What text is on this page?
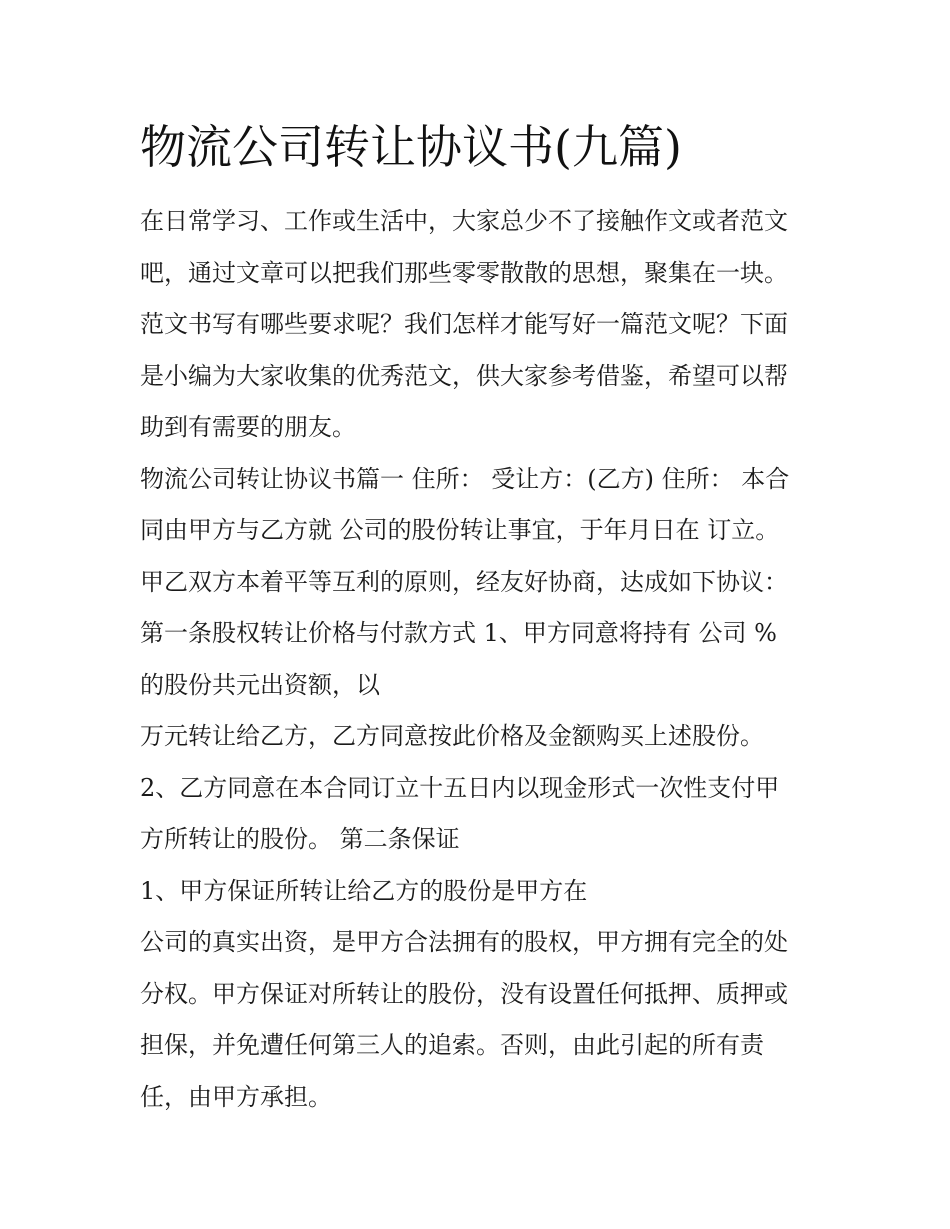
物流公司转让协议书(九篇)

在日常学习、工作或生活中，大家总少不了接触作文或者范文

吧，通过文章可以把我们那些零零散散的思想，聚集在一块。

范文书写有哪些要求呢？我们怎样才能写好一篇范文呢？下面

是小编为大家收集的优秀范文，供大家参考借鉴，希望可以帮

助到有需要的朋友。

物流公司转让协议书篇一 住所： 受让方：(乙方) 住所： 本合

同由甲方与乙方就 公司的股份转让事宜，于年月日在 订立。

甲乙双方本着平等互利的原则，经友好协商，达成如下协议：

第一条股权转让价格与付款方式 1、甲方同意将持有 公司 %

的股份共元出资额，以

万元转让给乙方，乙方同意按此价格及金额购买上述股份。

2、乙方同意在本合同订立十五日内以现金形式一次性支付甲

方所转让的股份。 第二条保证

1、甲方保证所转让给乙方的股份是甲方在

公司的真实出资，是甲方合法拥有的股权，甲方拥有完全的处

分权。甲方保证对所转让的股份，没有设置任何抵押、质押或

担保，并免遭任何第三人的追索。否则，由此引起的所有责

任，由甲方承担。
